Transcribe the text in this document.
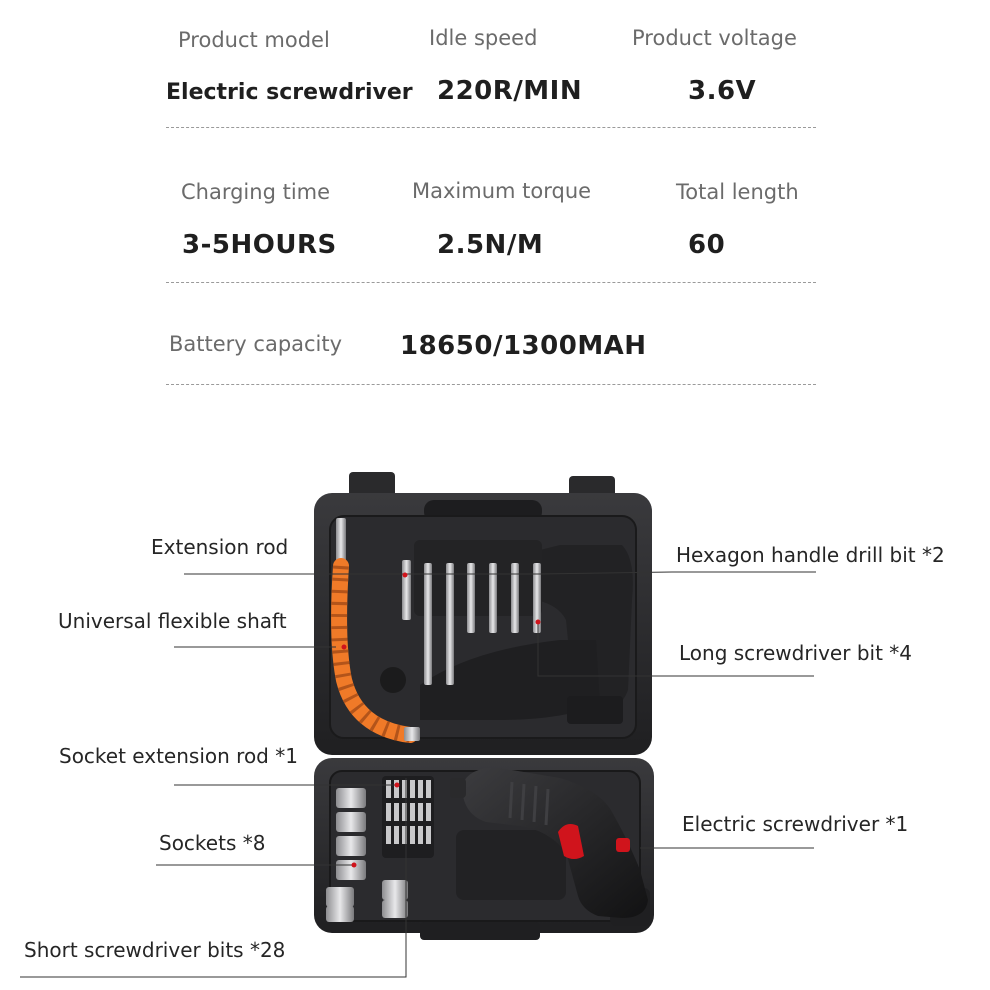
Product model	Idle speed	Product voltage
Electric screwdriver 220R/MIN	3.6V
Charging time	Maximum torque	Total length
3-5HOURS	2.5N/M	60
Battery capacity 18650/1300MAH
Extension rod
Universal flexible shaft
Socket extension rod *1
Sockets *8
Short screwdriver bits *28
Hexagon handle drill bit *2
Long screwdriver bit *4
Electric screwdriver *1
